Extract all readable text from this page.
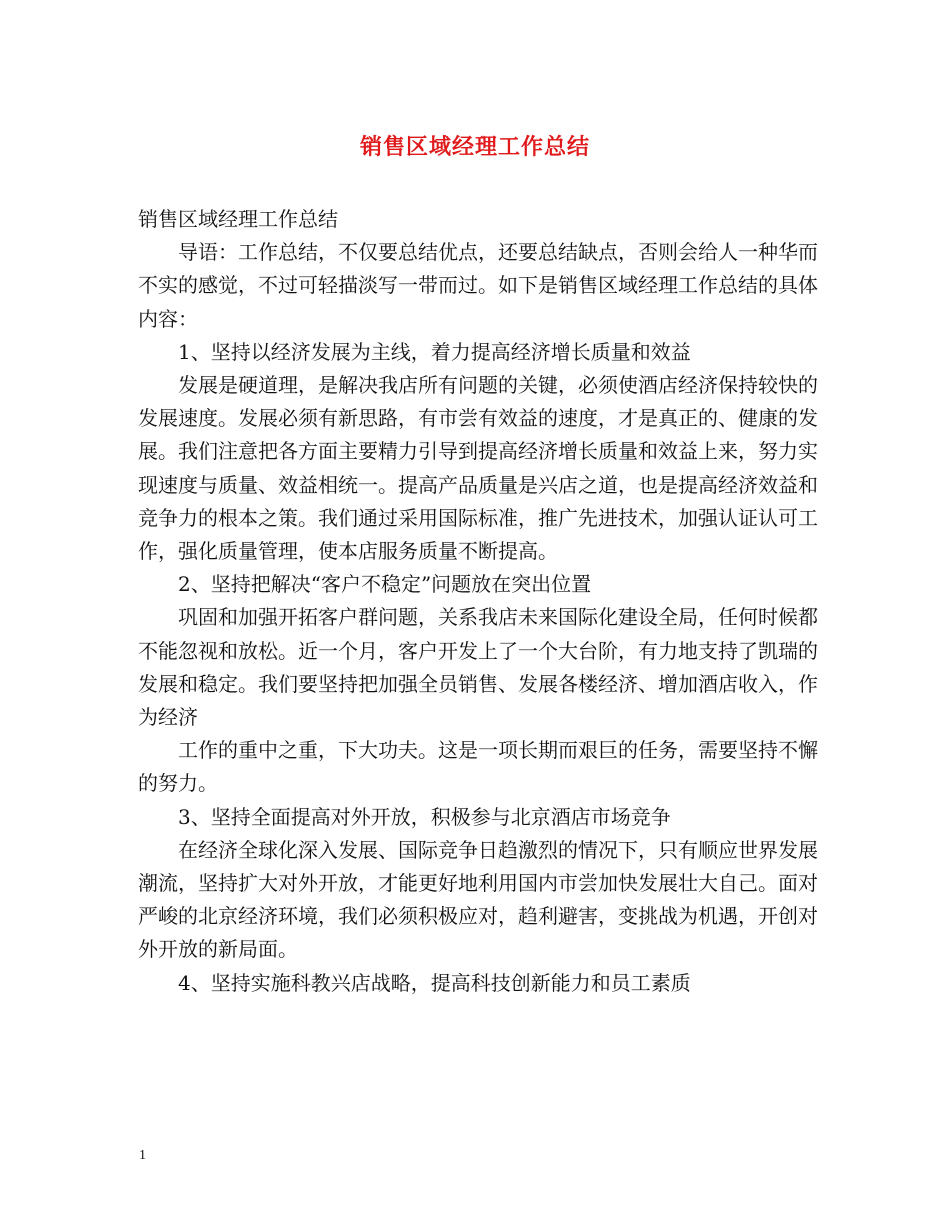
销售区域经理工作总结

销售区域经理工作总结

导语：工作总结，不仅要总结优点，还要总结缺点，否则会给人一种华而不实的感觉，不过可轻描淡写一带而过。如下是销售区域经理工作总结的具体内容：

1、坚持以经济发展为主线，着力提高经济增长质量和效益

发展是硬道理，是解决我店所有问题的关键，必须使酒店经济保持较快的发展速度。发展必须有新思路，有市尝有效益的速度，才是真正的、健康的发展。我们注意把各方面主要精力引导到提高经济增长质量和效益上来，努力实现速度与质量、效益相统一。提高产品质量是兴店之道，也是提高经济效益和竞争力的根本之策。我们通过采用国际标准，推广先进技术，加强认证认可工作，强化质量管理，使本店服务质量不断提高。

2、坚持把解决“客户不稳定”问题放在突出位置

巩固和加强开拓客户群问题，关系我店未来国际化建设全局，任何时候都不能忽视和放松。近一个月，客户开发上了一个大台阶，有力地支持了凯瑞的发展和稳定。我们要坚持把加强全员销售、发展各楼经济、增加酒店收入，作为经济

工作的重中之重，下大功夫。这是一项长期而艰巨的任务，需要坚持不懈的努力。

3、坚持全面提高对外开放，积极参与北京酒店市场竞争

在经济全球化深入发展、国际竞争日趋激烈的情况下，只有顺应世界发展潮流，坚持扩大对外开放，才能更好地利用国内市尝加快发展壮大自己。面对严峻的北京经济环境，我们必须积极应对，趋利避害，变挑战为机遇，开创对外开放的新局面。

4、坚持实施科教兴店战略，提高科技创新能力和员工素质

1
